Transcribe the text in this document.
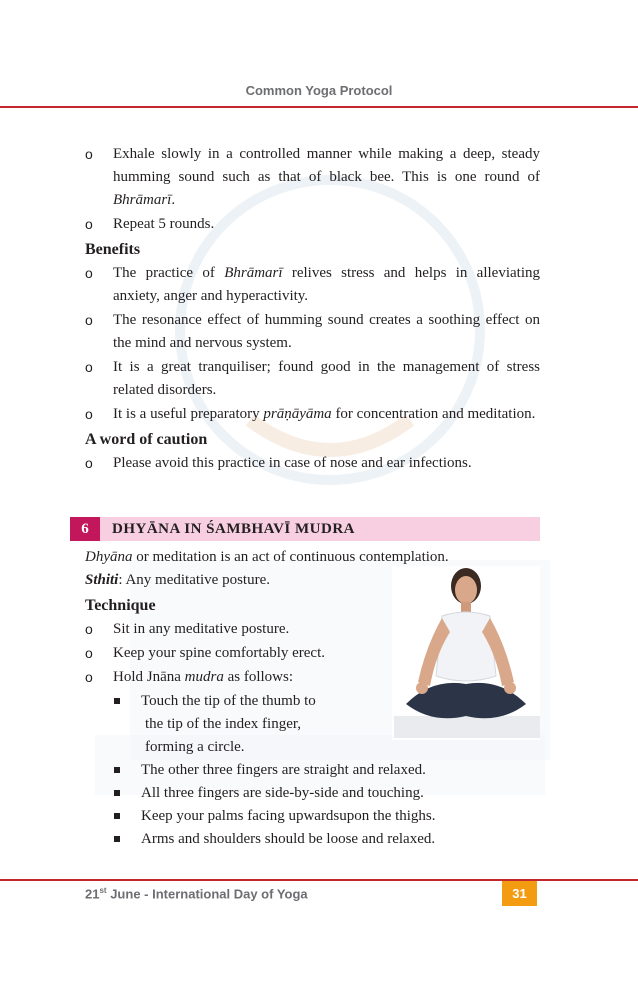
Common Yoga Protocol
o Exhale slowly in a controlled manner while making a deep, steady humming sound such as that of black bee. This is one round of Bhrāmarī.
o Repeat 5 rounds.
Benefits
o The practice of Bhrāmarī relives stress and helps in alleviating anxiety, anger and hyperactivity.
o The resonance effect of humming sound creates a soothing effect on the mind and nervous system.
o It is a great tranquiliser; found good in the management of stress related disorders.
o It is a useful preparatory prāṇāyāma for concentration and meditation.
A word of caution
o Please avoid this practice in case of nose and ear infections.
6	DHYĀNA IN ŚAMBHAVĪ MUDRA
Dhyāna or meditation is an act of continuous contemplation.
Sthiti: Any meditative posture.
Technique
o Sit in any meditative posture.
o Keep your spine comfortably erect.
o Hold Jnāna mudra as follows:
Touch the tip of the thumb to
the tip of the index finger,
forming a circle.
The other three fingers are straight and relaxed.
All three fingers are side-by-side and touching.
Keep your palms facing upwardsupon the thighs.
Arms and shoulders should be loose and relaxed.
21st June - International Day of Yoga	31
